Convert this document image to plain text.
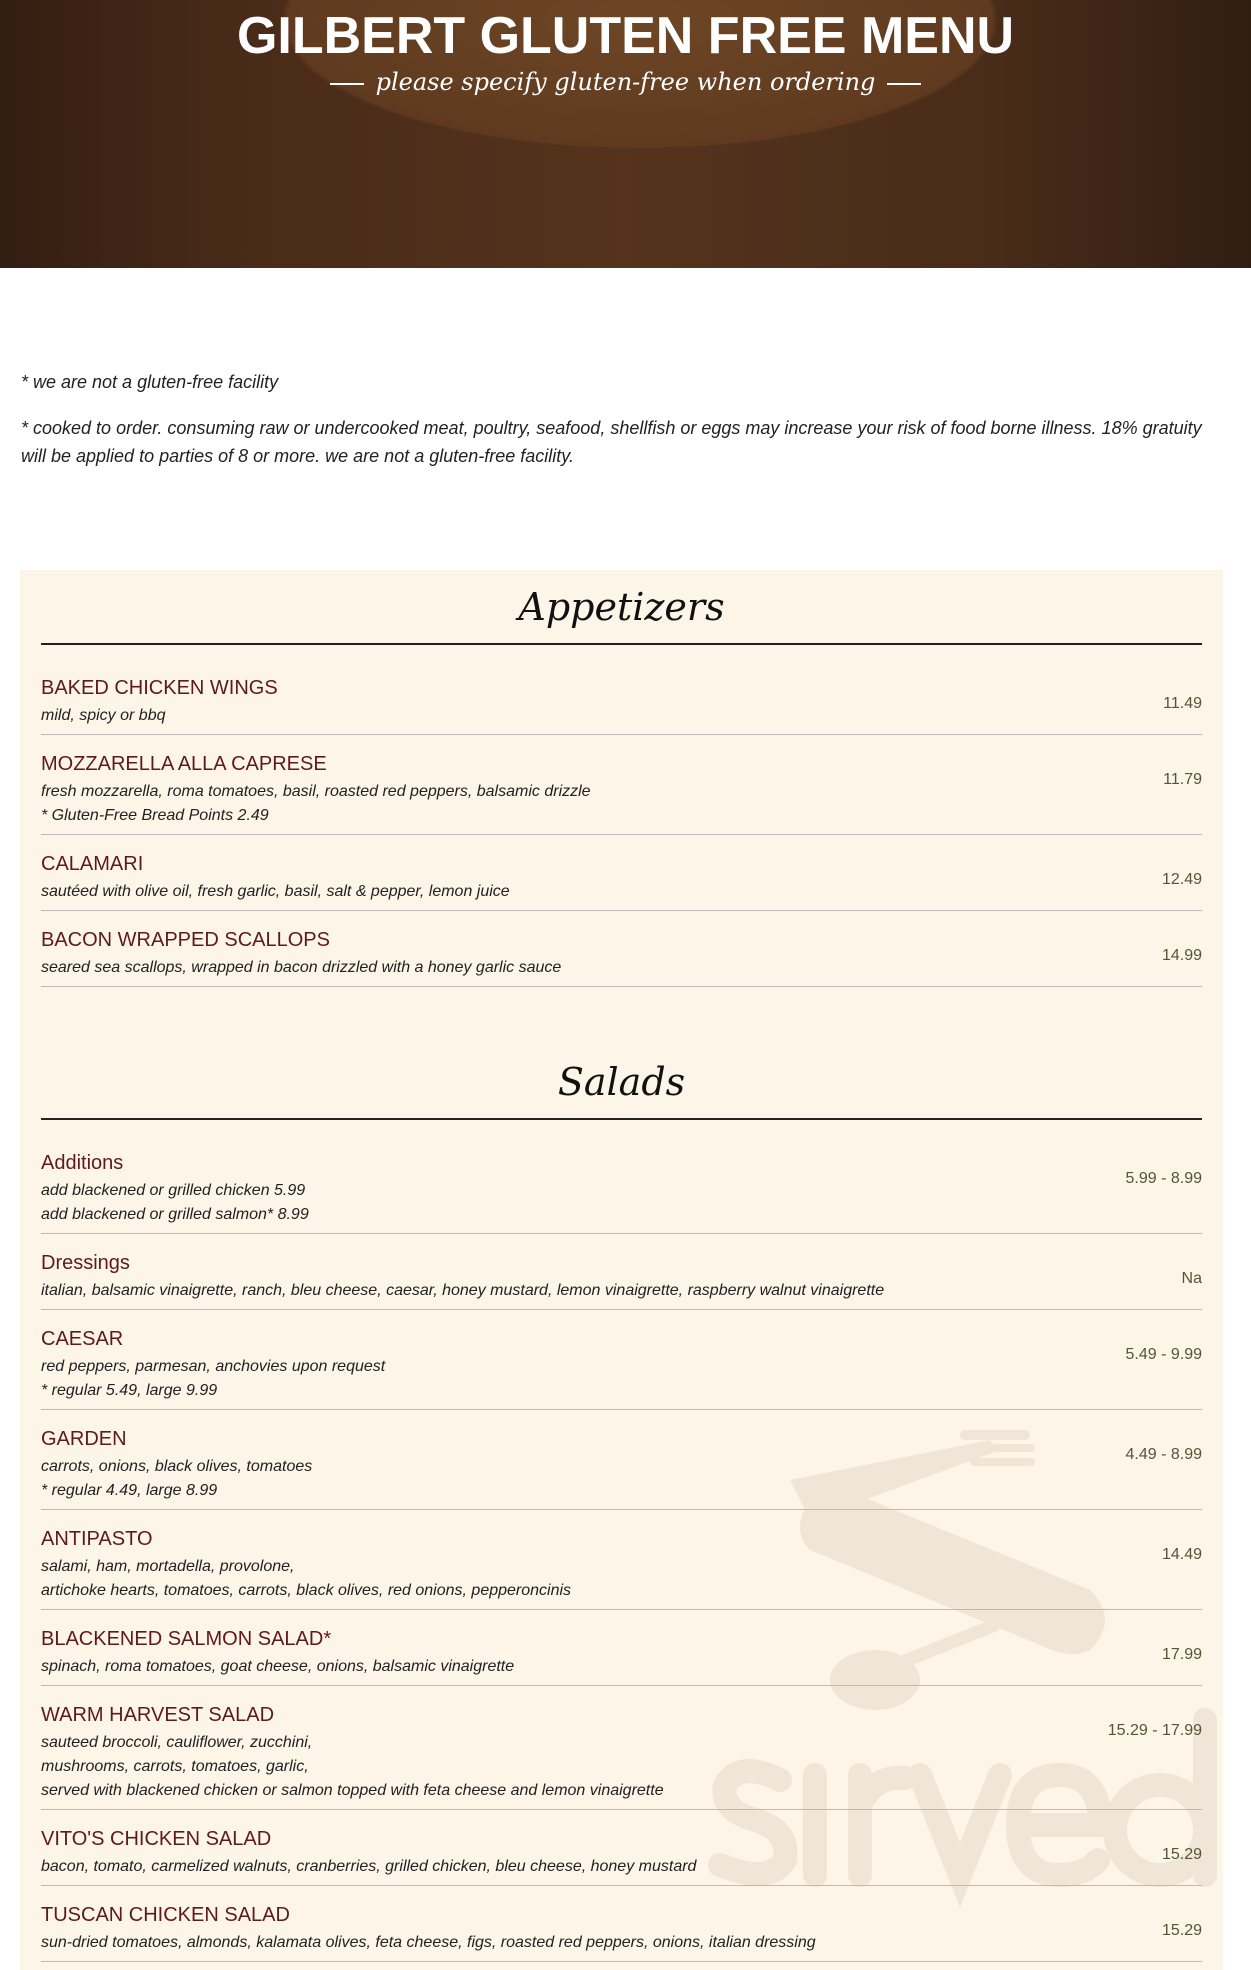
GILBERT GLUTEN FREE MENU
please specify gluten-free when ordering

* we are not a gluten-free facility

* cooked to order. consuming raw or undercooked meat, poultry, seafood, shellfish or eggs may increase your risk of food borne illness. 18% gratuity will be applied to parties of 8 or more. we are not a gluten-free facility.

Appetizers
BAKED CHICKEN WINGS
mild, spicy or bbq
11.49
MOZZARELLA ALLA CAPRESE
fresh mozzarella, roma tomatoes, basil, roasted red peppers, balsamic drizzle
* Gluten-Free Bread Points 2.49
11.79
CALAMARI
sautéed with olive oil, fresh garlic, basil, salt & pepper, lemon juice
12.49
BACON WRAPPED SCALLOPS
seared sea scallops, wrapped in bacon drizzled with a honey garlic sauce
14.99
Salads
Additions
add blackened or grilled chicken 5.99
add blackened or grilled salmon* 8.99
5.99 - 8.99
Dressings
italian, balsamic vinaigrette, ranch, bleu cheese, caesar, honey mustard, lemon vinaigrette, raspberry walnut vinaigrette
Na
CAESAR
red peppers, parmesan, anchovies upon request
* regular 5.49, large 9.99
5.49 - 9.99
GARDEN
carrots, onions, black olives, tomatoes
* regular 4.49, large 8.99
4.49 - 8.99
ANTIPASTO
salami, ham, mortadella, provolone,
artichoke hearts, tomatoes, carrots, black olives, red onions, pepperoncinis
14.49
BLACKENED SALMON SALAD*
spinach, roma tomatoes, goat cheese, onions, balsamic vinaigrette
17.99
WARM HARVEST SALAD
sauteed broccoli, cauliflower, zucchini,
mushrooms, carrots, tomatoes, garlic,
served with blackened chicken or salmon topped with feta cheese and lemon vinaigrette
15.29 - 17.99
VITO'S CHICKEN SALAD
bacon, tomato, carmelized walnuts, cranberries, grilled chicken, bleu cheese, honey mustard
15.29
TUSCAN CHICKEN SALAD
sun-dried tomatoes, almonds, kalamata olives, feta cheese, figs, roasted red peppers, onions, italian dressing
15.29
